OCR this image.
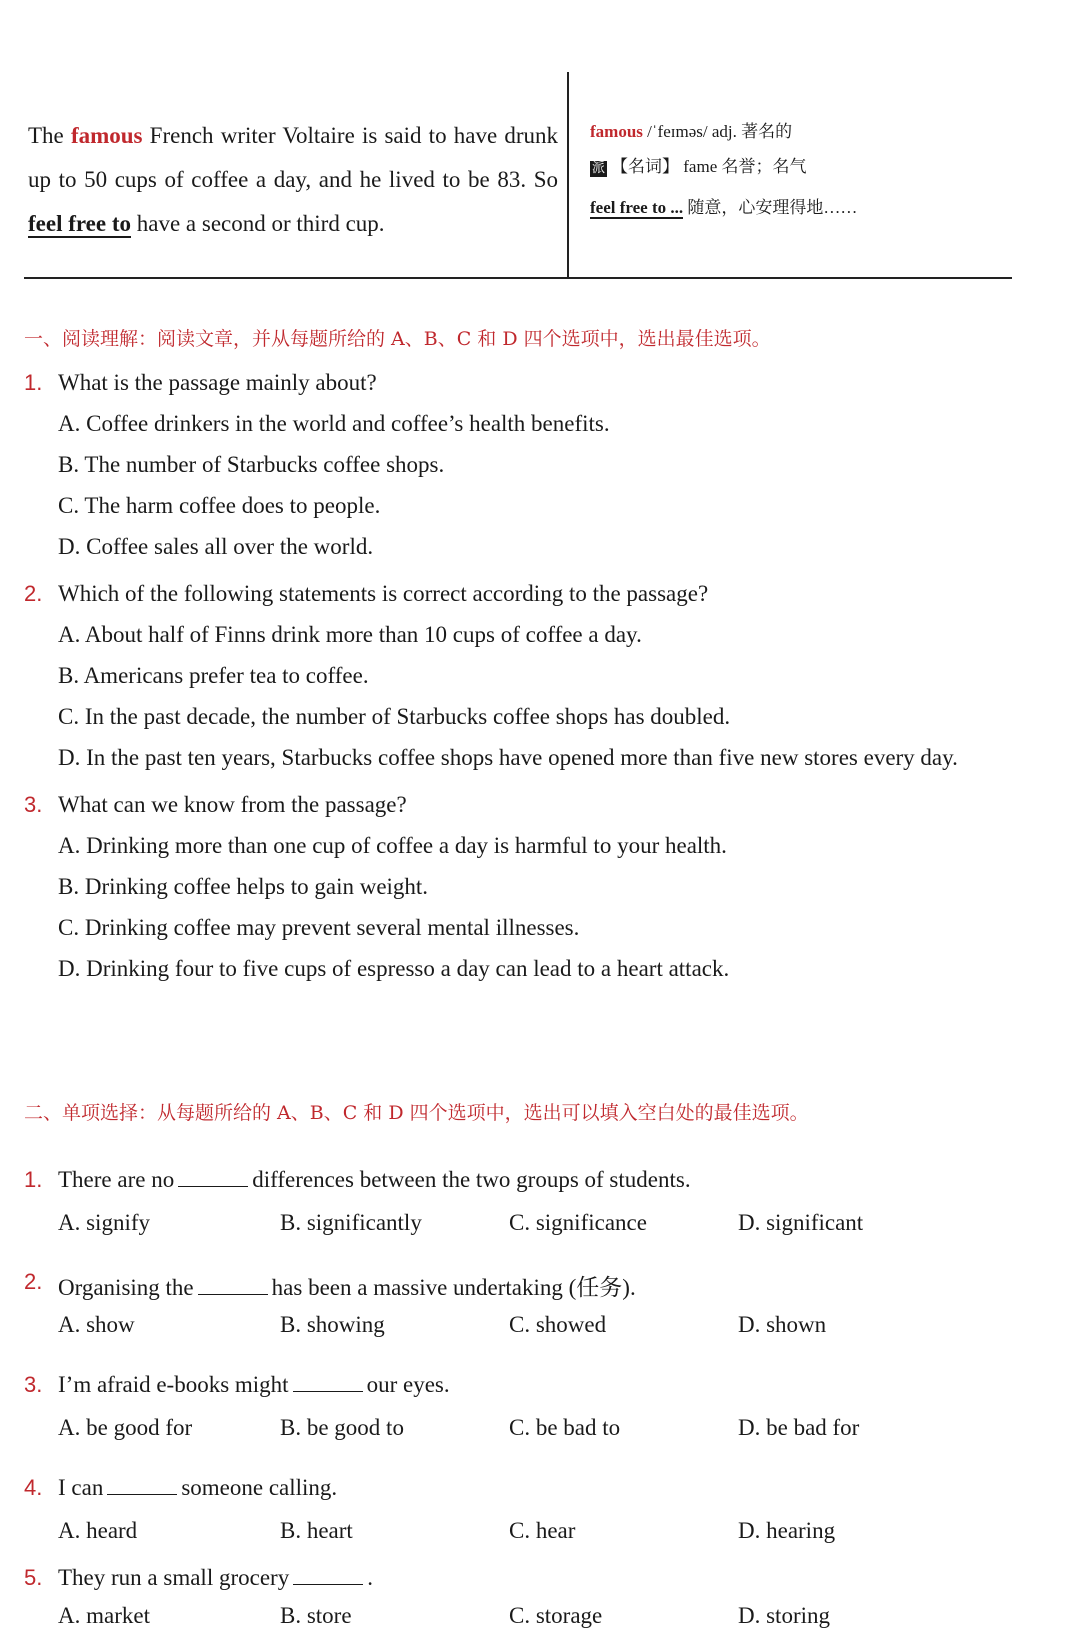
The famous French writer Voltaire is said to have drunk up to 50 cups of coffee a day, and he lived to be 83. So feel free to have a second or third cup.
famous /ˈfeɪməs/ adj. 著名的
派 【名词】 fame 名誉；名气
feel free to ... 随意，心安理得地……
一、阅读理解：阅读文章，并从每题所给的 A、B、C 和 D 四个选项中，选出最佳选项。
1. What is the passage mainly about?
A. Coffee drinkers in the world and coffee’s health benefits.
B. The number of Starbucks coffee shops.
C. The harm coffee does to people.
D. Coffee sales all over the world.
2. Which of the following statements is correct according to the passage?
A. About half of Finns drink more than 10 cups of coffee a day.
B. Americans prefer tea to coffee.
C. In the past decade, the number of Starbucks coffee shops has doubled.
D. In the past ten years, Starbucks coffee shops have opened more than five new stores every day.
3. What can we know from the passage?
A. Drinking more than one cup of coffee a day is harmful to your health.
B. Drinking coffee helps to gain weight.
C. Drinking coffee may prevent several mental illnesses.
D. Drinking four to five cups of espresso a day can lead to a heart attack.
二、单项选择：从每题所给的 A、B、C 和 D 四个选项中，选出可以填入空白处的最佳选项。
1. There are no	differences between the two groups of students.
A. signify	B. significantly	C. significance	D. significant
2. Organising the	has been a massive undertaking (任务).
A. show	B. showing	C. showed	D. shown
3. I’m afraid e-books might	our eyes.
A. be good for	B. be good to	C. be bad to	D. be bad for
4. I can	someone calling.
A. heard	B. heart	C. hear	D. hearing
5. They run a small grocery	.
A. market	B. store	C. storage	D. storing
